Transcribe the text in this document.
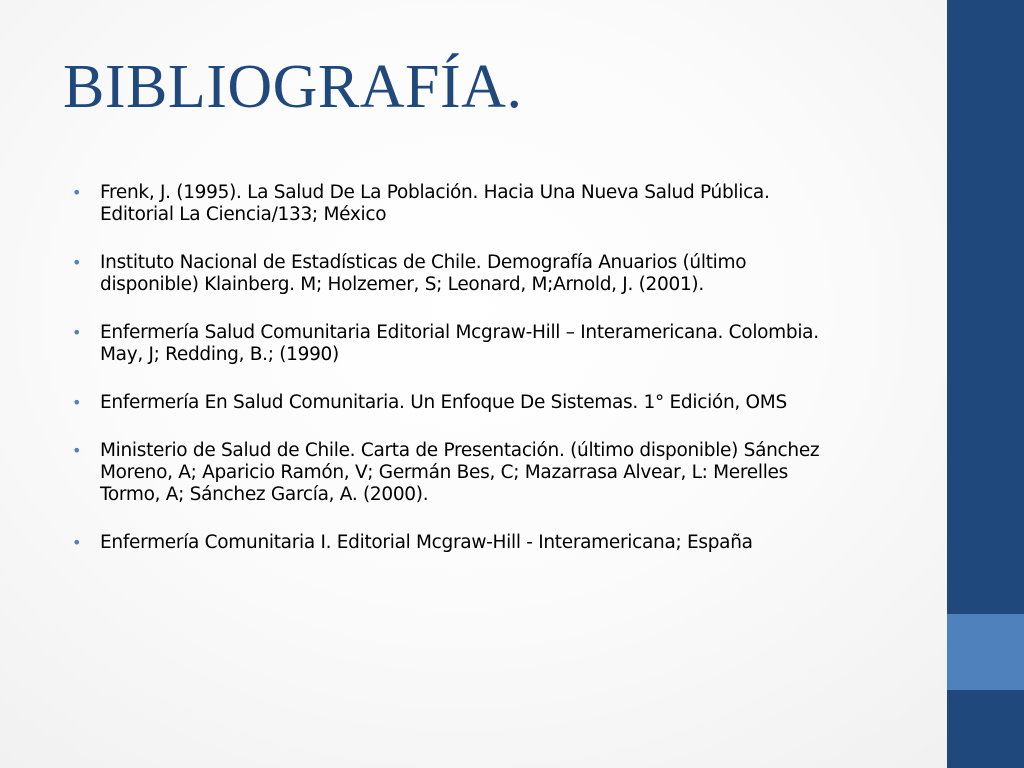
BIBLIOGRAFÍA.
• Frenk, J. (1995). La Salud De La Población. Hacia Una Nueva Salud Pública.
Editorial La Ciencia/133; México
• Instituto Nacional de Estadísticas de Chile. Demografía Anuarios (último
disponible) Klainberg. M; Holzemer, S; Leonard, M;Arnold, J. (2001).
• Enfermería Salud Comunitaria Editorial Mcgraw-Hill – Interamericana. Colombia.
May, J; Redding, B.; (1990)
• Enfermería En Salud Comunitaria. Un Enfoque De Sistemas. 1° Edición, OMS
• Ministerio de Salud de Chile. Carta de Presentación. (último disponible) Sánchez
Moreno, A; Aparicio Ramón, V; Germán Bes, C; Mazarrasa Alvear, L: Merelles
Tormo, A; Sánchez García, A. (2000).
• Enfermería Comunitaria I. Editorial Mcgraw-Hill - Interamericana; España
